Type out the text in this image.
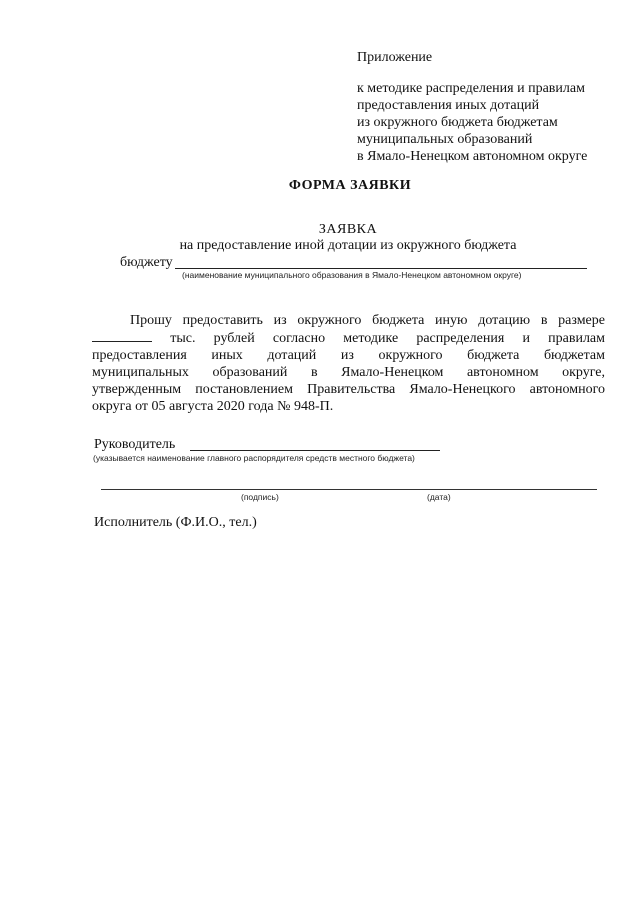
Приложение
к методике распределения и правилам
предоставления иных дотаций
из окружного бюджета бюджетам
муниципальных образований
в Ямало-Ненецком автономном округе
ФОРМА ЗАЯВКИ
ЗАЯВКА
на предоставление иной дотации из окружного бюджета
бюджету
(наименование муниципального образования в Ямало-Ненецком автономном округе)
Прошу предоставить из окружного бюджета иную дотацию в размере
тыс. рублей согласно методике распределения и правилам
предоставления иных дотаций из окружного бюджета бюджетам
муниципальных образований в Ямало-Ненецком автономном округе,
утвержденным постановлением Правительства Ямало-Ненецкого автономного
округа от 05 августа 2020 года № 948-П.
Руководитель
(указывается наименование главного распорядителя средств местного бюджета)
(подпись)	(дата)
Исполнитель (Ф.И.О., тел.)
